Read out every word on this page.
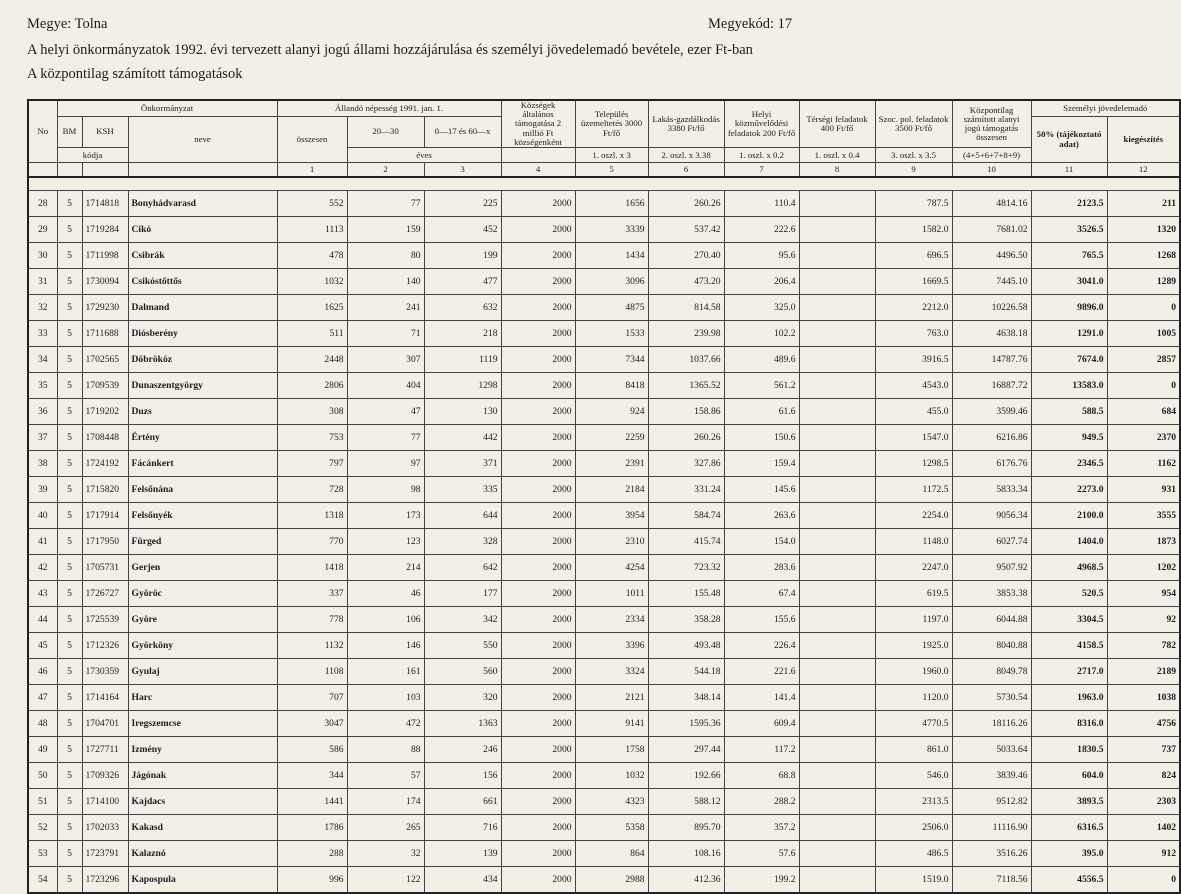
Megye: Tolna	Megyekód: 17
A helyi önkormányzatok 1992. évi tervezett alanyi jogú állami hozzájárulása és személyi jövedelemadó bevétele, ezer Ft-ban
A központilag számított támogatások
No	Önkormányzat			Állandó népesség 1991. jan. 1.			Községek általános támogatása 2 millió Ft községenként	Település üzemeltetés 3000 Ft/fő	Lakás-gazdálkodás 3380 Ft/fő	Helyi közművelődési feladatok 200 Ft/fő	Térségi feladatok 400 Ft/fő	Szoc. pol. feladatok 3500 Ft/fő	Központilag számított alanyi jogú támogatás összesen	Személyi jövedelemadó	
	BM	KSH	neve	összesen	20—30	0—17 és 60—x								50% (tájékoztató adat)	kiegészítés
	kódja				éves			1. oszl. x 3	2. oszl. x 3.38	1. oszl. x 0.2	1. oszl. x 0.4	3. oszl. x 3.5	(4+5+6+7+8+9)		
				1	2	3	4	5	6	7	8	9	10	11	12

28	5	1714818	Bonyhádvarasd	552	77	225	2000	1656	260.26	110.4		787.5	4814.16	2123.5	211
29	5	1719284	Cikó	1113	159	452	2000	3339	537.42	222.6		1582.0	7681.02	3526.5	1320
30	5	1711998	Csibrák	478	80	199	2000	1434	270.40	95.6		696.5	4496.50	765.5	1268
31	5	1730094	Csikóstőttős	1032	140	477	2000	3096	473.20	206.4		1669.5	7445.10	3041.0	1289
32	5	1729230	Dalmand	1625	241	632	2000	4875	814.58	325.0		2212.0	10226.58	9896.0	0
33	5	1711688	Diósberény	511	71	218	2000	1533	239.98	102.2		763.0	4638.18	1291.0	1005
34	5	1702565	Döbrököz	2448	307	1119	2000	7344	1037.66	489.6		3916.5	14787.76	7674.0	2857
35	5	1709539	Dunaszentgyörgy	2806	404	1298	2000	8418	1365.52	561.2		4543.0	16887.72	13583.0	0
36	5	1719202	Duzs	308	47	130	2000	924	158.86	61.6		455.0	3599.46	588.5	684
37	5	1708448	Értény	753	77	442	2000	2259	260.26	150.6		1547.0	6216.86	949.5	2370
38	5	1724192	Fácánkert	797	97	371	2000	2391	327.86	159.4		1298.5	6176.76	2346.5	1162
39	5	1715820	Felsőnána	728	98	335	2000	2184	331.24	145.6		1172.5	5833.34	2273.0	931
40	5	1717914	Felsőnyék	1318	173	644	2000	3954	584.74	263.6		2254.0	9056.34	2100.0	3555
41	5	1717950	Fürged	770	123	328	2000	2310	415.74	154.0		1148.0	6027.74	1404.0	1873
42	5	1705731	Gerjen	1418	214	642	2000	4254	723.32	283.6		2247.0	9507.92	4968.5	1202
43	5	1726727	Györöc	337	46	177	2000	1011	155.48	67.4		619.5	3853.38	520.5	954
44	5	1725539	Györe	778	106	342	2000	2334	358.28	155.6		1197.0	6044.88	3304.5	92
45	5	1712326	Györköny	1132	146	550	2000	3396	493.48	226.4		1925.0	8040.88	4158.5	782
46	5	1730359	Gyulaj	1108	161	560	2000	3324	544.18	221.6		1960.0	8049.78	2717.0	2189
47	5	1714164	Harc	707	103	320	2000	2121	348.14	141.4		1120.0	5730.54	1963.0	1038
48	5	1704701	Iregszemcse	3047	472	1363	2000	9141	1595.36	609.4		4770.5	18116.26	8316.0	4756
49	5	1727711	Izmény	586	88	246	2000	1758	297.44	117.2		861.0	5033.64	1830.5	737
50	5	1709326	Jágónak	344	57	156	2000	1032	192.66	68.8		546.0	3839.46	604.0	824
51	5	1714100	Kajdacs	1441	174	661	2000	4323	588.12	288.2		2313.5	9512.82	3893.5	2303
52	5	1702033	Kakasd	1786	265	716	2000	5358	895.70	357.2		2506.0	11116.90	6316.5	1402
53	5	1723791	Kalaznó	288	32	139	2000	864	108.16	57.6		486.5	3516.26	395.0	912
54	5	1723296	Kapospula	996	122	434	2000	2988	412.36	199.2		1519.0	7118.56	4556.5	0
